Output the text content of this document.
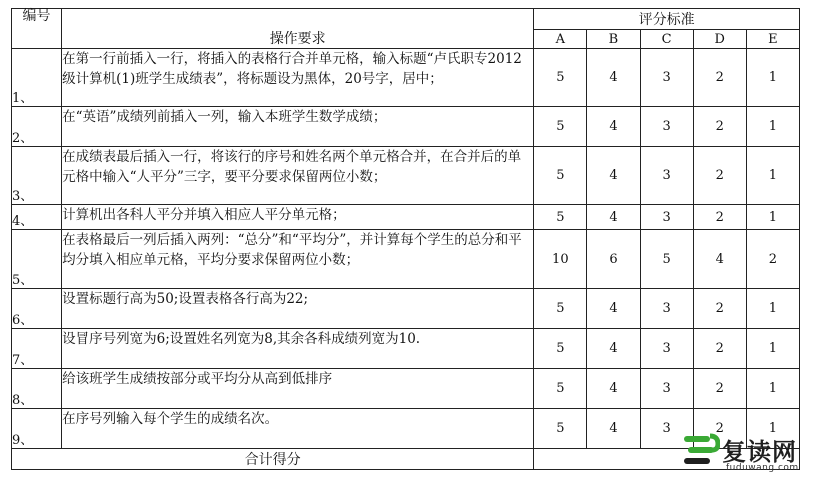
编号	操作要求	评分标准				
		A	B	C	D	E
1、	在第一行前插入一行，将插入的表格行合并单元格，输入标题“卢氏职专2012级计算机(1)班学生成绩表”，将标题设为黑体，20号字，居中；	5	4	3	2	1
2、	在“英语”成绩列前插入一列，输入本班学生数学成绩；	5	4	3	2	1
3、	在成绩表最后插入一行，将该行的序号和姓名两个单元格合并，在合并后的单元格中输入“人平分”三字，要平分要求保留两位小数；	5	4	3	2	1
4、	计算机出各科人平分并填入相应人平分单元格；	5	4	3	2	1
5、	在表格最后一列后插入两列：“总分”和“平均分”，并计算每个学生的总分和平均分填入相应单元格，平均分要求保留两位小数；	10	6	5	4	2
6、	设置标题行高为50;设置表格各行高为22;	5	4	3	2	1
7、	设冒序号列宽为6;设置姓名列宽为8,其余各科成绩列宽为10.	5	4	3	2	1
8、	给该班学生成绩按部分或平均分从高到低排序	5	4	3	2	1
9、	在序号列输入每个学生的成绩名次。	5	4	3	2	1
合计得分							复读网
fuduwang.com
